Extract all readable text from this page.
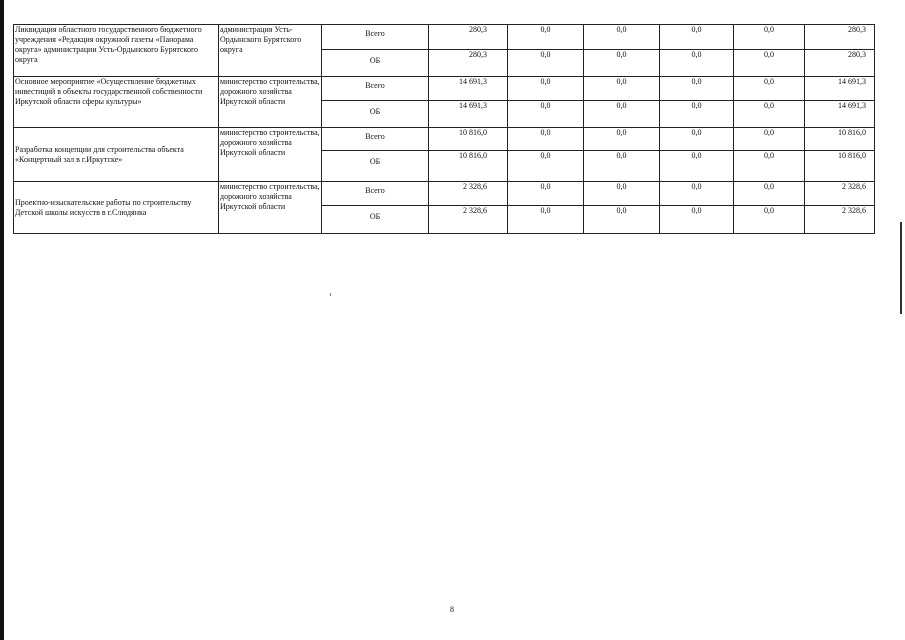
Ликвидация областного государственного бюджетного учреждения «Редакция окружной газеты «Панорама округа» администрации Усть-Ордынского Бурятского округа	администрация Усть-Ордынского Бурятского округа	Всего	280,3	0,0	0,0	0,0	0,0	280,3
		ОБ	280,3	0,0	0,0	0,0	0,0	280,3
Основное мероприятие «Осуществление бюджетных инвестиций в объекты государственной собственности Иркутской области сферы культуры»	министерство строительства, дорожного хозяйства Иркутской области	Всего	14 691,3	0,0	0,0	0,0	0,0	14 691,3
		ОБ	14 691,3	0,0	0,0	0,0	0,0	14 691,3
Разработка концепции для строительства объекта «Концертный зал в г.Иркутске»	министерство строительства, дорожного хозяйства Иркутской области	Всего	10 816,0	0,0	0,0	0,0	0,0	10 816,0
		ОБ	10 816,0	0,0	0,0	0,0	0,0	10 816,0
Проектно-изыскательские работы по строительству Детской школы искусств в г.Слюдянка	министерство строительства, дорожного хозяйства Иркутской области	Всего	2 328,6	0,0	0,0	0,0	0,0	2 328,6
		ОБ	2 328,6	0,0	0,0	0,0	0,0	2 328,6
8
